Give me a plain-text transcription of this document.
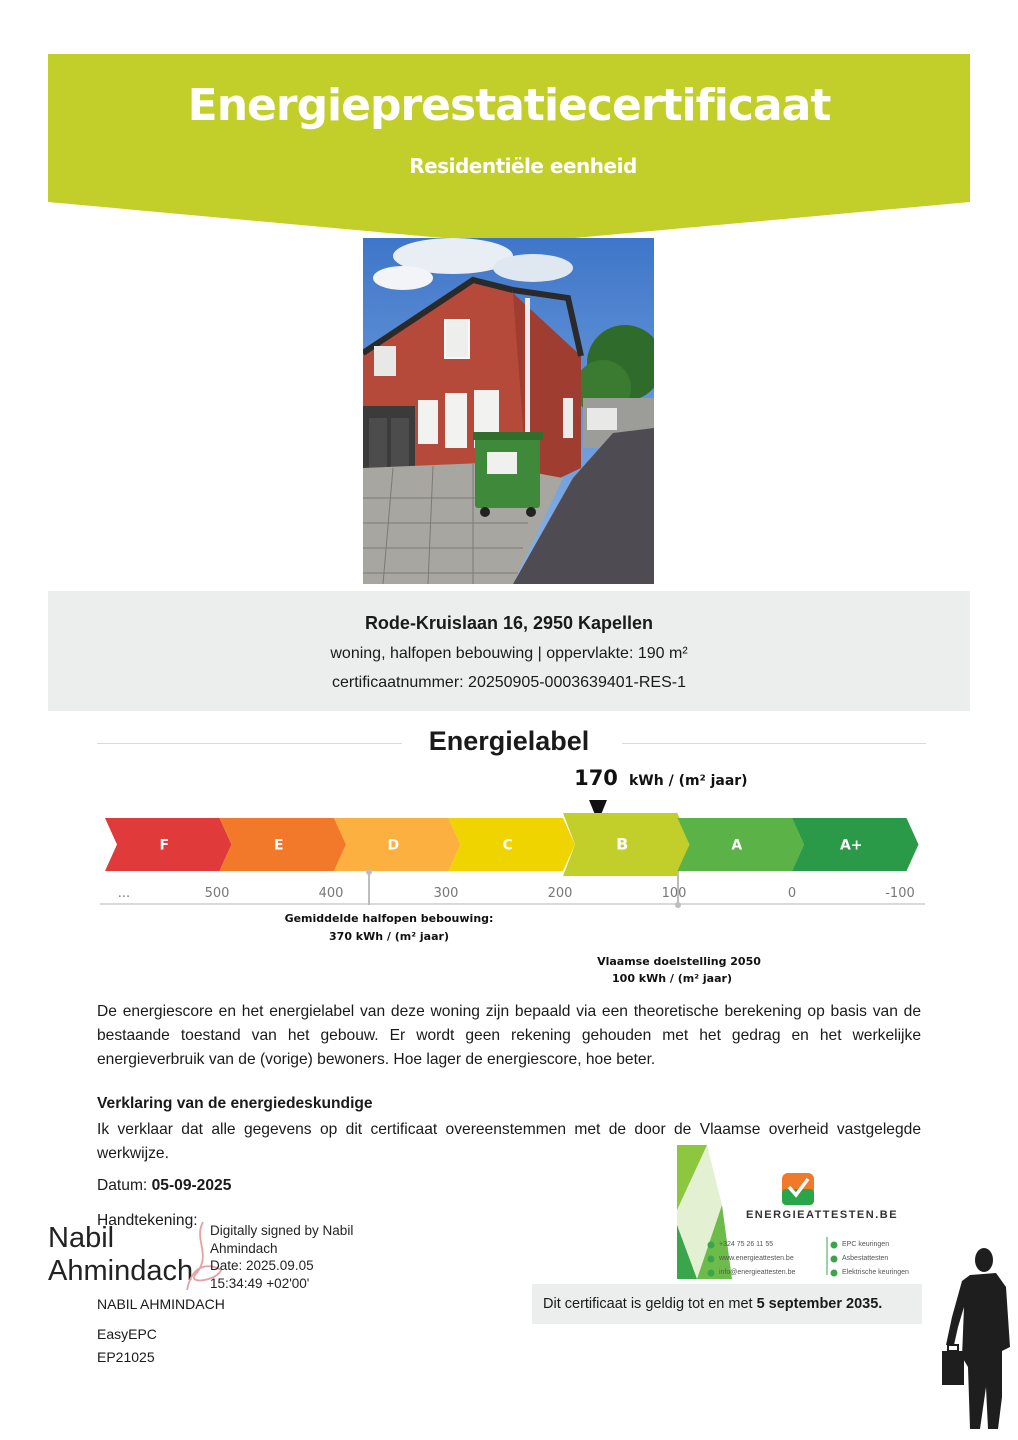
Energieprestatiecertificaat
Residentiële eenheid
Rode-Kruislaan 16, 2950 Kapellen
woning, halfopen bebouwing | oppervlakte: 190 m²
certificaatnummer: 20250905-0003639401-RES-1
Energielabel
170 kWh / (m² jaar)
F	E	D	C	B	A	A+
...	500	400	300	200	100	0	-100
Gemiddelde halfopen bebouwing:
370 kWh / (m² jaar)
Vlaamse doelstelling 2050
100 kWh / (m² jaar)
De energiescore en het energielabel van deze woning zijn bepaald via een theoretische berekening op basis van de bestaande toestand van het gebouw. Er wordt geen rekening gehouden met het gedrag en het werkelijke energieverbruik van de (vorige) bewoners. Hoe lager de energiescore, hoe beter.
Verklaring van de energiedeskundige
Ik verklaar dat alle gegevens op dit certificaat overeenstemmen met de door de Vlaamse overheid vastgelegde werkwijze.
Datum: 05-09-2025
Handtekening:
Nabil
Ahmindach
Digitally signed by Nabil
Ahmindach
Date: 2025.09.05
15:34:49 +02'00'
NABIL AHMINDACH
EasyEPC
EP21025
ENERGIEATTESTEN.BE
+324 75 26 11 55
www.energieattesten.be
info@energieattesten.be
EPC keuringen
Asbestattesten
Elektrische keuringen
Dit certificaat is geldig tot en met 5 september 2035.
